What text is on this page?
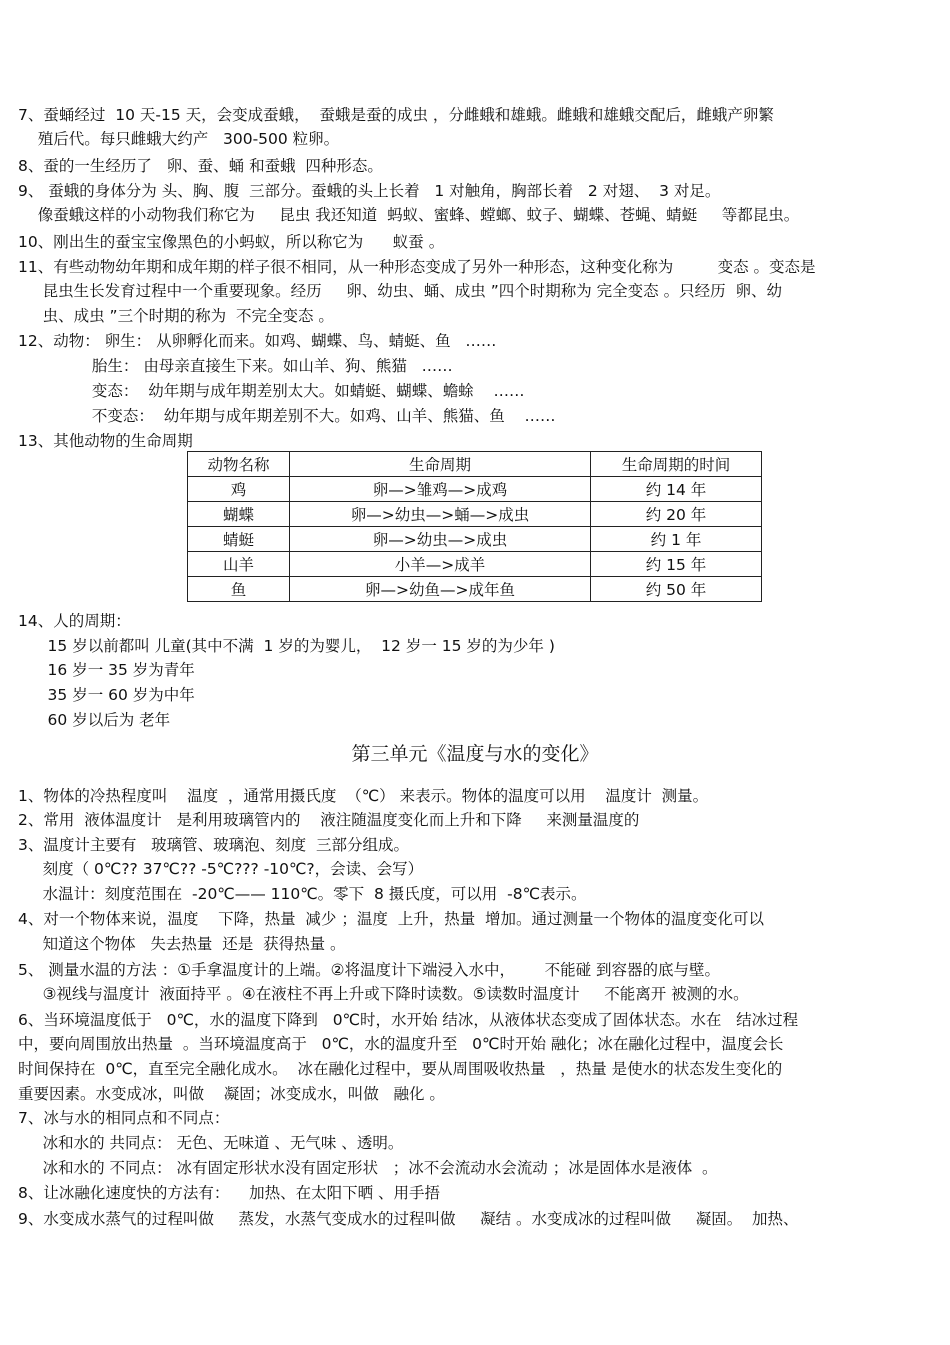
7、蚕蛹经过  10 天-15 天，会变成蚕蛾，  蚕蛾是蚕的成虫 ，分雌蛾和雄蛾。雌蛾和雄蛾交配后，雌蛾产卵繁
殖后代。每只雌蛾大约产   300-500 粒卵。
8、蚕的一生经历了   卵、蚕、蛹 和蚕蛾  四种形态。
9、 蚕蛾的身体分为 头、胸、腹  三部分。蚕蛾的头上长着   1 对触角，胸部长着   2 对翅、  3 对足。
像蚕蛾这样的小动物我们称它为     昆虫 我还知道  蚂蚁、蜜蜂、螳螂、蚊子、蝴蝶、苍蝇、蜻蜓     等都昆虫。
10、刚出生的蚕宝宝像黑色的小蚂蚁，所以称它为      蚁蚕 。
11、有些动物幼年期和成年期的样子很不相同，从一种形态变成了另外一种形态，这种变化称为         变态 。变态是
昆虫生长发育过程中一个重要现象。经历     卵、幼虫、蛹、成虫 ”四个时期称为 完全变态 。只经历  卵、幼
虫、成虫 ”三个时期的称为  不完全变态 。
12、动物： 卵生： 从卵孵化而来。如鸡、蝴蝶、鸟、蜻蜓、鱼   ……
胎生： 由母亲直接生下来。如山羊、狗、熊猫   ……
变态：  幼年期与成年期差别太大。如蜻蜓、蝴蝶、蟾蜍    ……
不变态：  幼年期与成年期差别不大。如鸡、山羊、熊猫、鱼    ……
13、其他动物的生命周期
动物名称	生命周期	生命周期的时间
鸡	卵—>雏鸡—>成鸡	约 14 年
蝴蝶	卵—>幼虫—>蛹—>成虫	约 20 年
蜻蜓	卵—>幼虫—>成虫	约 1 年
山羊	小羊—>成羊	约 15 年
鱼	卵—>幼鱼—>成年鱼	约 50 年
14、人的周期：
15 岁以前都叫 儿童(其中不满  1 岁的为婴儿，  12 岁一 15 岁的为少年 )
16 岁一 35 岁为青年
35 岁一 60 岁为中年
60 岁以后为 老年
第三单元《温度与水的变化》
1、物体的冷热程度叫    温度  ，通常用摄氏度  （℃） 来表示。物体的温度可以用    温度计  测量。
2、常用  液体温度计   是利用玻璃管内的    液注随温度变化而上升和下降     来测量温度的
3、温度计主要有   玻璃管、玻璃泡、刻度  三部分组成。
刻度（ 0℃?? 37℃?? -5℃??? -10℃?，会读、会写）
水温计：刻度范围在  -20℃—— 110℃。零下  8 摄氏度，可以用  -8℃表示。
4、对一个物体来说，温度    下降，热量  减少 ；温度  上升，热量  增加。通过测量一个物体的温度变化可以
知道这个物体   失去热量  还是  获得热量 。
5、 测量水温的方法 ：①手拿温度计的上端。②将温度计下端浸入水中，      不能碰 到容器的底与壁。
③视线与温度计  液面持平 。④在液柱不再上升或下降时读数。⑤读数时温度计     不能离开 被测的水。
6、当环境温度低于   0℃，水的温度下降到   0℃时，水开始 结冰，从液体状态变成了固体状态。水在   结冰过程
中，要向周围放出热量  。当环境温度高于   0℃，水的温度升至   0℃时开始 融化；冰在融化过程中，温度会长
时间保持在  0℃，直至完全融化成水。  冰在融化过程中，要从周围吸收热量   ，热量 是使水的状态发生变化的
重要因素。水变成冰，叫做    凝固；冰变成水，叫做   融化 。
7、冰与水的相同点和不同点：
冰和水的 共同点： 无色、无味道 、无气味 、透明。
冰和水的 不同点： 冰有固定形状水没有固定形状   ；冰不会流动水会流动 ；冰是固体水是液体  。
8、让冰融化速度快的方法有：    加热、在太阳下晒 、用手捂
9、水变成水蒸气的过程叫做     蒸发，水蒸气变成水的过程叫做     凝结 。水变成冰的过程叫做     凝固。  加热、
